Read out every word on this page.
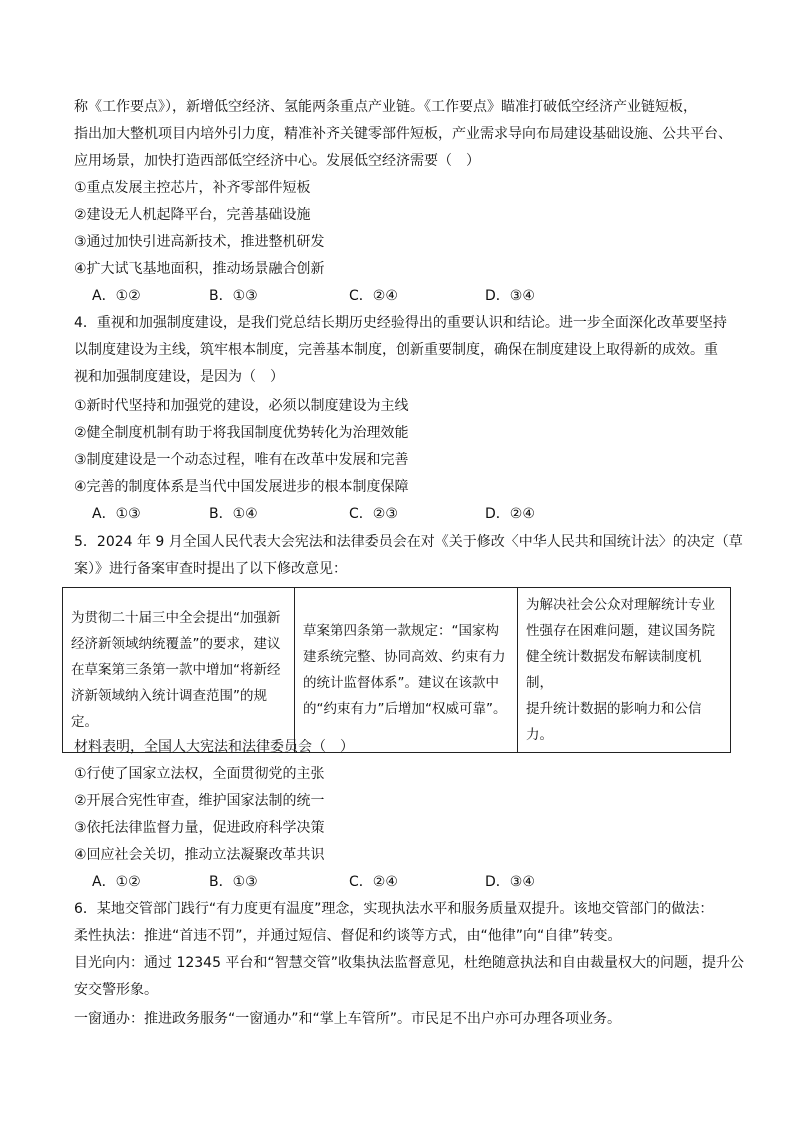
称《工作要点》），新增低空经济、氢能两条重点产业链。《工作要点》瞄准打破低空经济产业链短板，
指出加大整机项目内培外引力度，精准补齐关键零部件短板，产业需求导向布局建设基础设施、公共平台、
应用场景，加快打造西部低空经济中心。发展低空经济需要（　）
①重点发展主控芯片，补齐零部件短板
②建设无人机起降平台，完善基础设施
③通过加快引进高新技术，推进整机研发
④扩大试飞基地面积，推动场景融合创新
A．①②	B．①③	C．②④	D．③④
4．重视和加强制度建设，是我们党总结长期历史经验得出的重要认识和结论。进一步全面深化改革要坚持
以制度建设为主线，筑牢根本制度，完善基本制度，创新重要制度，确保在制度建设上取得新的成效。重
视和加强制度建设，是因为（　）
①新时代坚持和加强党的建设，必须以制度建设为主线
②健全制度机制有助于将我国制度优势转化为治理效能
③制度建设是一个动态过程，唯有在改革中发展和完善
④完善的制度体系是当代中国发展进步的根本制度保障
A．①③	B．①④	C．②③	D．②④
5．2024 年 9 月全国人民代表大会宪法和法律委员会在对《关于修改〈中华人民共和国统计法〉的决定（草
案）》进行备案审查时提出了以下修改意见：
为贯彻二十届三中全会提出“加强新
经济新领域纳统覆盖”的要求，建议
在草案第三条第一款中增加“将新经
济新领域纳入统计调查范围”的规
定。

草案第四条第一款规定：“国家构
建系统完整、协同高效、约束有力
的统计监督体系”。建议在该款中
的“约束有力”后增加“权威可靠”。

为解决社会公众对理解统计专业
性强存在困难问题，建议国务院
健全统计数据发布解读制度机制，
提升统计数据的影响力和公信力。
材料表明，全国人大宪法和法律委员会（　）
①行使了国家立法权，全面贯彻党的主张
②开展合宪性审查，维护国家法制的统一
③依托法律监督力量，促进政府科学决策
④回应社会关切，推动立法凝聚改革共识
A．①②	B．①③	C．②④	D．③④
6．某地交管部门践行“有力度更有温度”理念，实现执法水平和服务质量双提升。该地交管部门的做法：
柔性执法：推进“首违不罚”，并通过短信、督促和约谈等方式，由“他律”向“自律”转变。
目光向内：通过 12345 平台和“智慧交管”收集执法监督意见，杜绝随意执法和自由裁量权大的问题，提升公
安交警形象。
一窗通办：推进政务服务“一窗通办”和“掌上车管所”。市民足不出户亦可办理各项业务。
